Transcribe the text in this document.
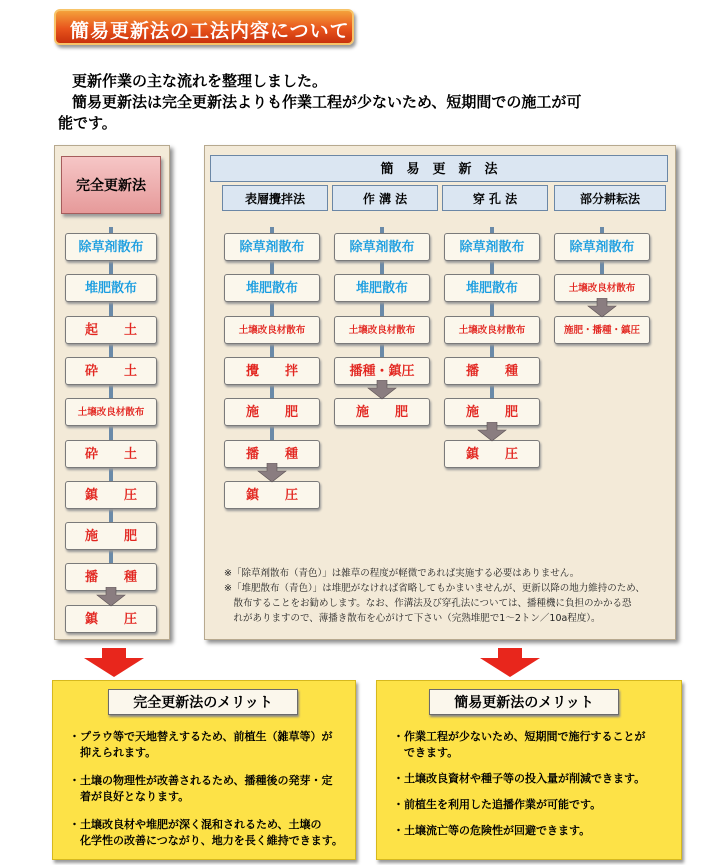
簡易更新法の工法内容について
更新作業の主な流れを整理しました。
簡易更新法は完全更新法よりも作業工程が少ないため、短期間での施工が可
能です。
完全更新法
除草剤散布
堆肥散布
起　　土
砕　　土
土壌改良材散布
砕　　土
鎮　　圧
施　　肥
播　　種
鎮　　圧
簡　易　更　新　法
表層攪拌法
除草剤散布
堆肥散布
土壌改良材散布
攪　　拌
施　　肥
播　　種
鎮　　圧
作 溝 法
除草剤散布
堆肥散布
土壌改良材散布
播種・鎮圧
施　　肥
穿 孔 法
除草剤散布
堆肥散布
土壌改良材散布
播　　種
施　　肥
鎮　　圧
部分耕耘法
除草剤散布
土壌改良材散布
施肥・播種・鎮圧
※「除草剤散布（青色）」は雑草の程度が軽微であれば実施する必要はありません。
※「堆肥散布（青色）」は堆肥がなければ省略してもかまいませんが、更新以降の地力維持のため、
　散布することをお勧めします。なお、作溝法及び穿孔法については、播種機に負担のかかる恐
　れがありますので、薄播き散布を心がけて下さい（完熟堆肥で1～2トン／10a程度）。
完全更新法のメリット
・プラウ等で天地替えするため、前植生（雑草等）が
　抑えられます。
・土壌の物理性が改善されるため、播種後の発芽・定
　着が良好となります。
・土壌改良材や堆肥が深く混和されるため、土壌の
　化学性の改善につながり、地力を長く維持できます。
簡易更新法のメリット
・作業工程が少ないため、短期間で施行することが
　できます。
・土壌改良資材や種子等の投入量が削減できます。
・前植生を利用した追播作業が可能です。
・土壌流亡等の危険性が回避できます。
